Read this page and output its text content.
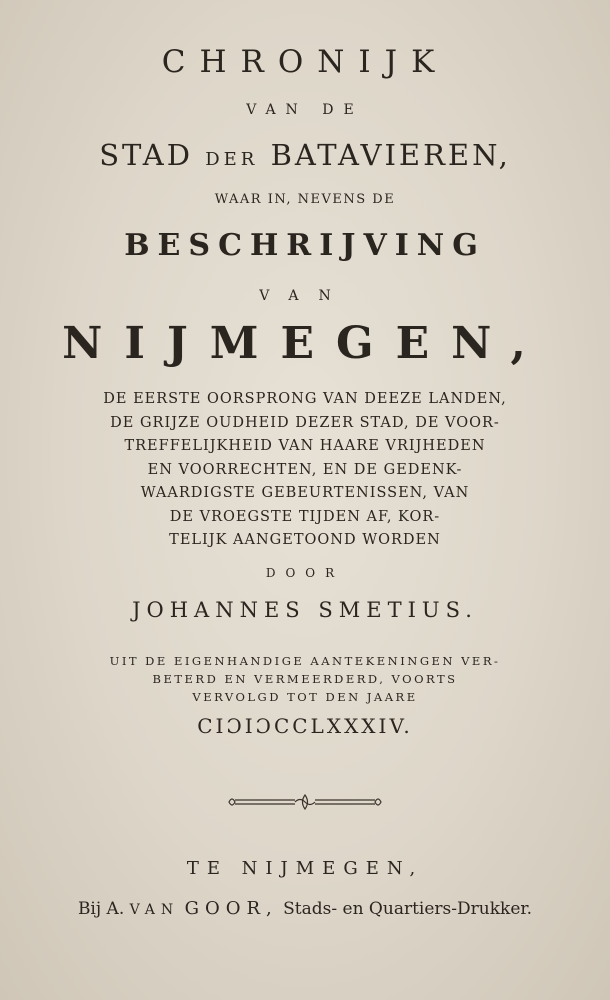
CHRONIJK
VAN DE
STAD DER BATAVIEREN,
WAAR IN, NEVENS DE
BESCHRIJVING
VAN
NIJMEGEN,
DE EERSTE OORSPRONG VAN DEEZE LANDEN,
DE GRIJZE OUDHEID DEZER STAD, DE VOOR-
TREFFELIJKHEID VAN HAARE VRIJHEDEN
EN VOORRECHTEN, EN DE GEDENK-
WAARDIGSTE GEBEURTENISSEN, VAN
DE VROEGSTE TIJDEN AF, KOR-
TELIJK AANGETOOND WORDEN
DOOR
JOHANNES SMETIUS.
UIT DE EIGENHANDIGE AANTEKENINGEN VER-
BETERD EN VERMEERDERD, VOORTS
VERVOLGD TOT DEN JAARE
CIƆIƆCCLXXXIV.
TE NIJMEGEN,
Bij A. VAN GOOR, Stads- en Quartiers-Drukker.
